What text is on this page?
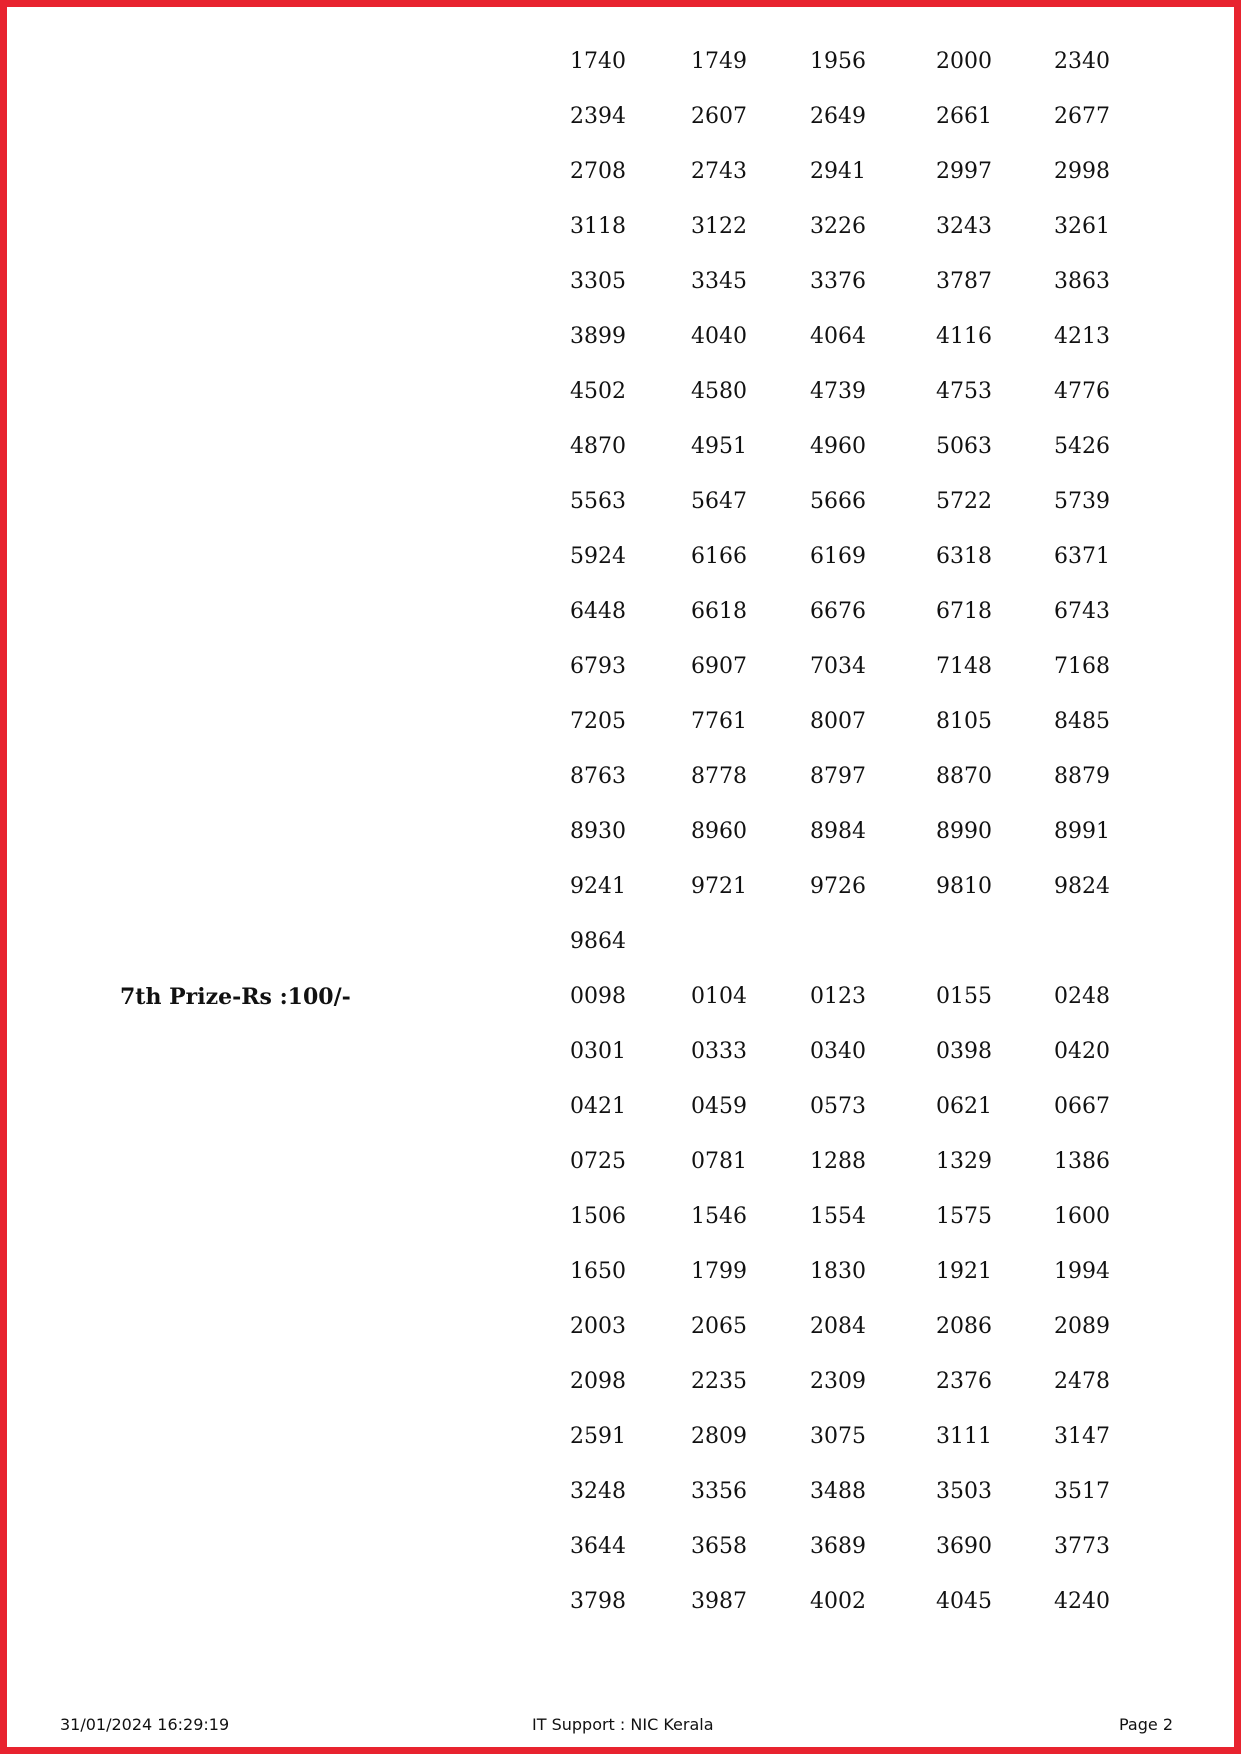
1740	1749	1956	2000	2340
2394	2607	2649	2661	2677
2708	2743	2941	2997	2998
3118	3122	3226	3243	3261
3305	3345	3376	3787	3863
3899	4040	4064	4116	4213
4502	4580	4739	4753	4776
4870	4951	4960	5063	5426
5563	5647	5666	5722	5739
5924	6166	6169	6318	6371
6448	6618	6676	6718	6743
6793	6907	7034	7148	7168
7205	7761	8007	8105	8485
8763	8778	8797	8870	8879
8930	8960	8984	8990	8991
9241	9721	9726	9810	9824
9864
7th Prize-Rs :100/-	0098	0104	0123	0155	0248
0301	0333	0340	0398	0420
0421	0459	0573	0621	0667
0725	0781	1288	1329	1386
1506	1546	1554	1575	1600
1650	1799	1830	1921	1994
2003	2065	2084	2086	2089
2098	2235	2309	2376	2478
2591	2809	3075	3111	3147
3248	3356	3488	3503	3517
3644	3658	3689	3690	3773
3798	3987	4002	4045	4240
31/01/2024 16:29:19	IT Support : NIC Kerala	Page 2
